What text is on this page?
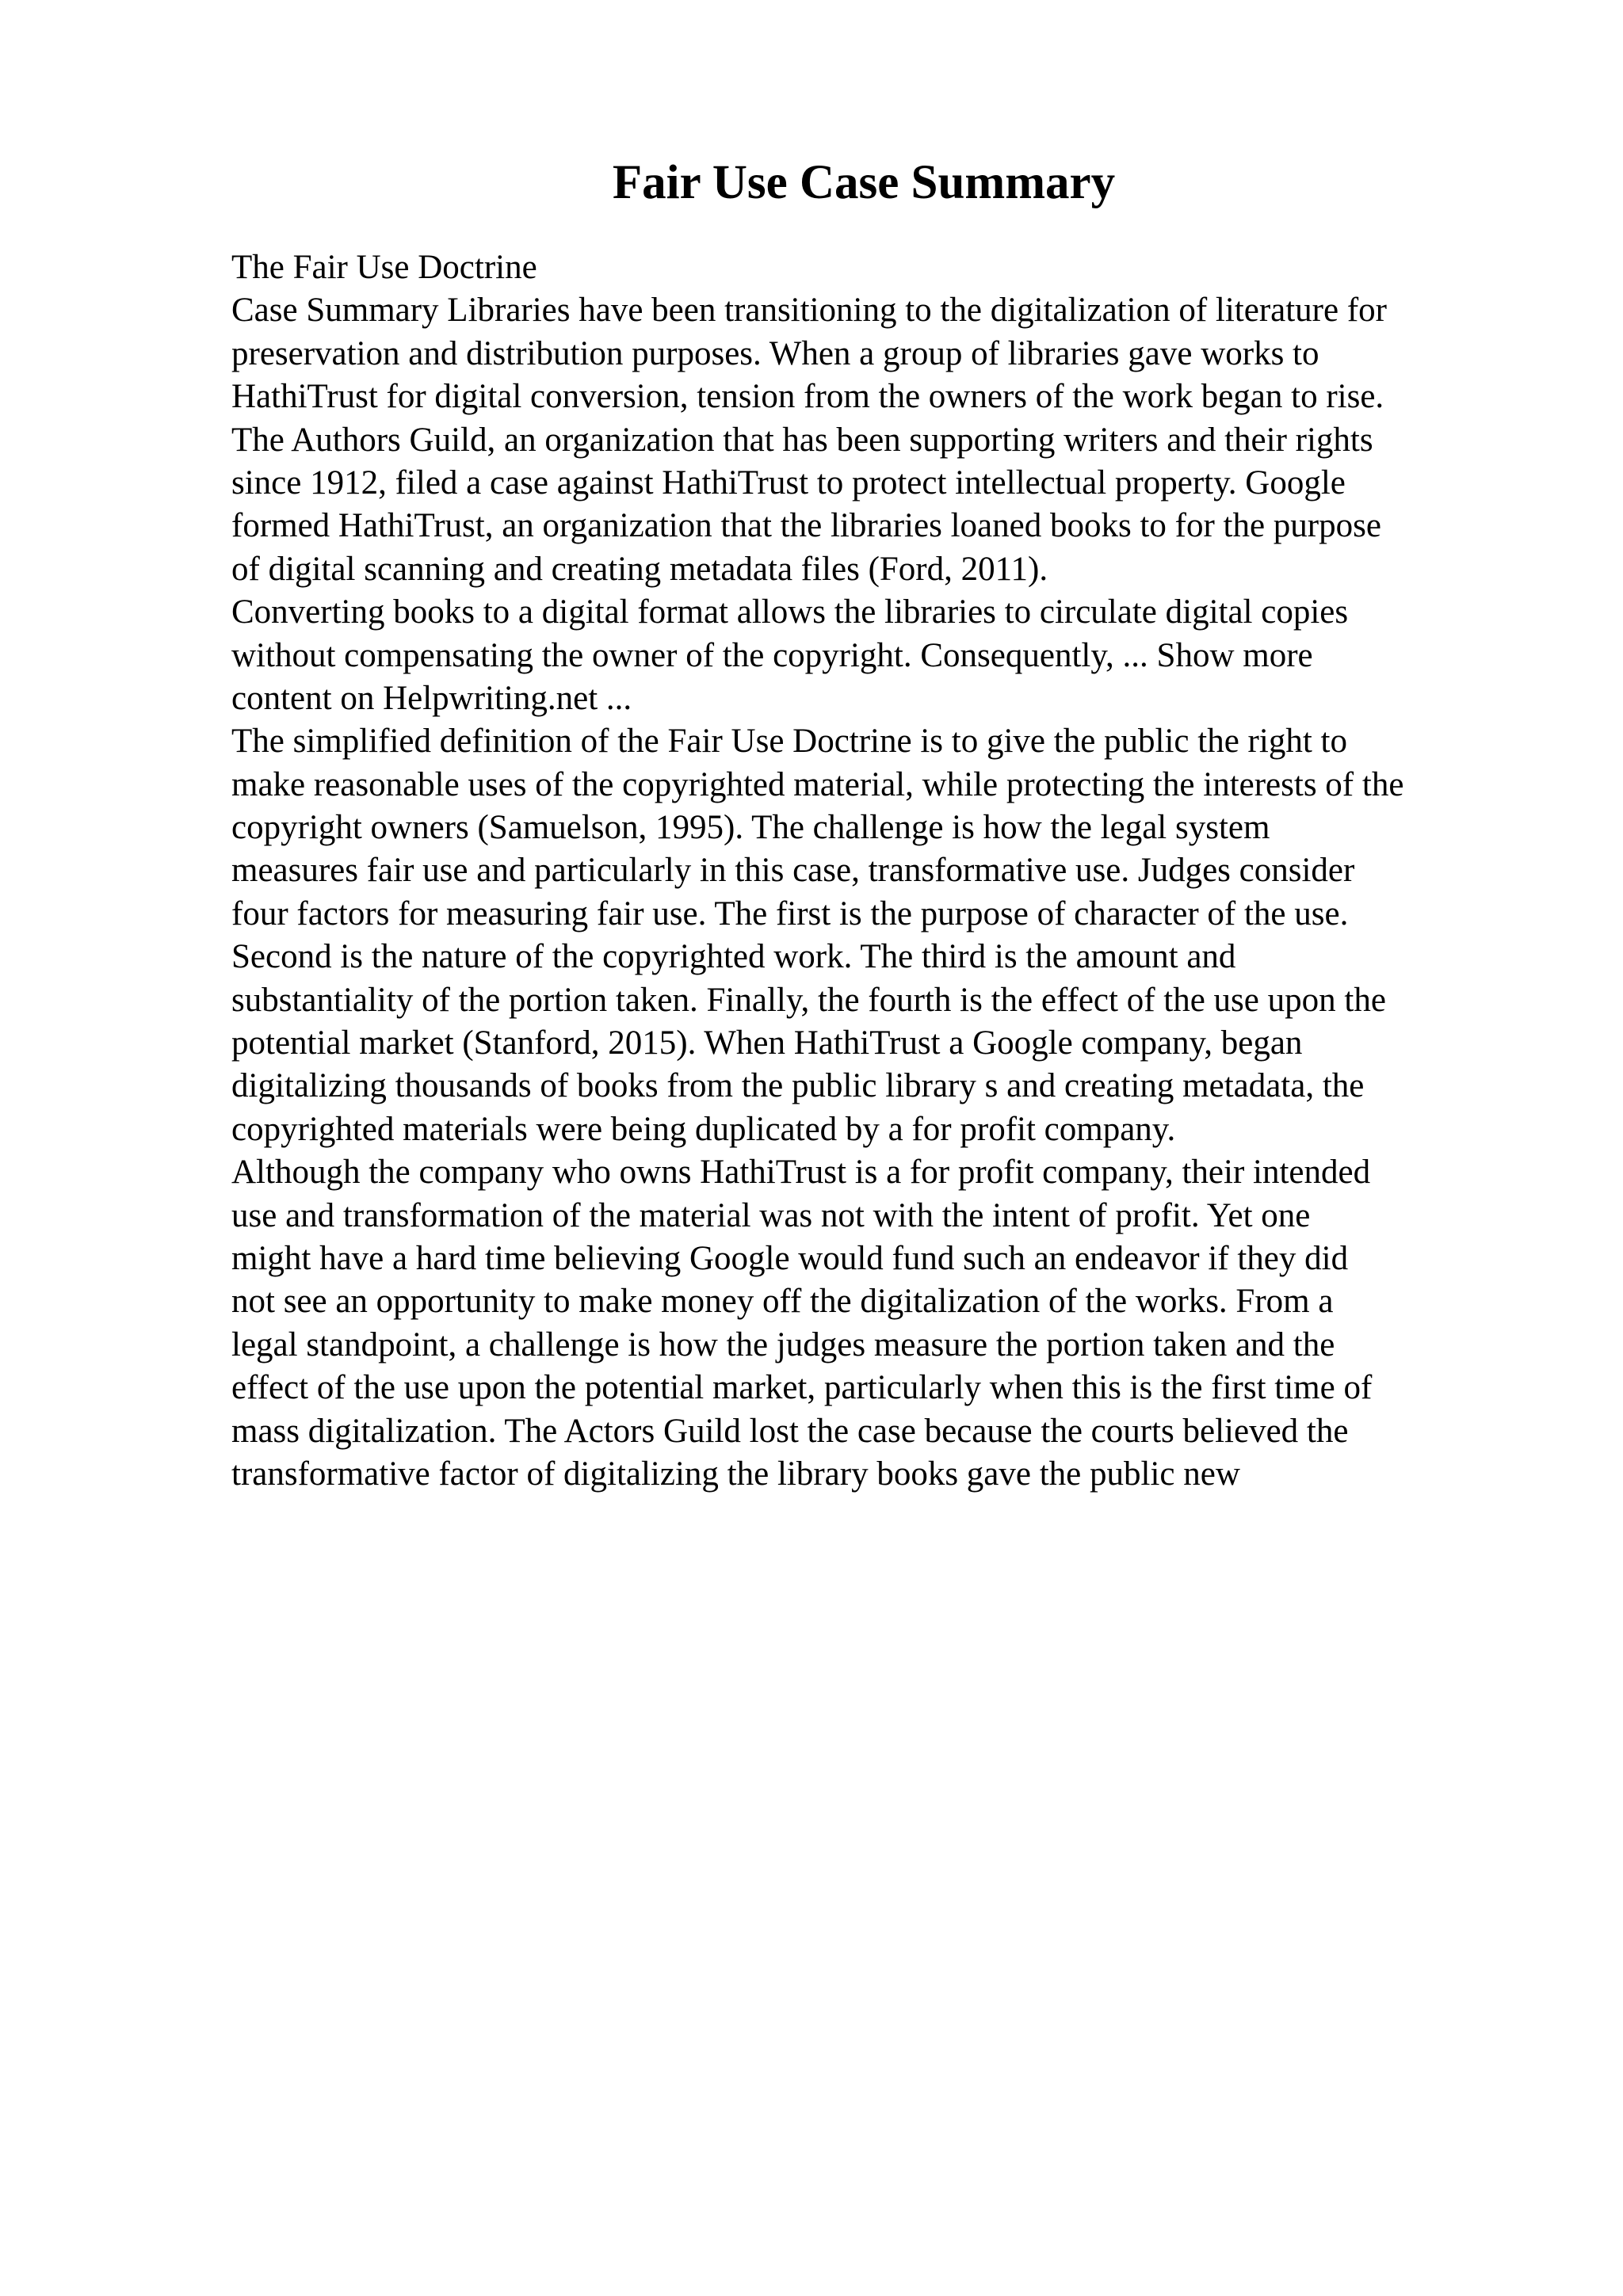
Fair Use Case Summary
The Fair Use Doctrine
Case Summary Libraries have been transitioning to the digitalization of literature for
preservation and distribution purposes. When a group of libraries gave works to
HathiTrust for digital conversion, tension from the owners of the work began to rise.
The Authors Guild, an organization that has been supporting writers and their rights
since 1912, filed a case against HathiTrust to protect intellectual property. Google
formed HathiTrust, an organization that the libraries loaned books to for the purpose
of digital scanning and creating metadata files (Ford, 2011).
Converting books to a digital format allows the libraries to circulate digital copies
without compensating the owner of the copyright. Consequently, ... Show more
content on Helpwriting.net ...
The simplified definition of the Fair Use Doctrine is to give the public the right to
make reasonable uses of the copyrighted material, while protecting the interests of the
copyright owners (Samuelson, 1995). The challenge is how the legal system
measures fair use and particularly in this case, transformative use. Judges consider
four factors for measuring fair use. The first is the purpose of character of the use.
Second is the nature of the copyrighted work. The third is the amount and
substantiality of the portion taken. Finally, the fourth is the effect of the use upon the
potential market (Stanford, 2015). When HathiTrust a Google company, began
digitalizing thousands of books from the public library s and creating metadata, the
copyrighted materials were being duplicated by a for profit company.
Although the company who owns HathiTrust is a for profit company, their intended
use and transformation of the material was not with the intent of profit. Yet one
might have a hard time believing Google would fund such an endeavor if they did
not see an opportunity to make money off the digitalization of the works. From a
legal standpoint, a challenge is how the judges measure the portion taken and the
effect of the use upon the potential market, particularly when this is the first time of
mass digitalization. The Actors Guild lost the case because the courts believed the
transformative factor of digitalizing the library books gave the public new
